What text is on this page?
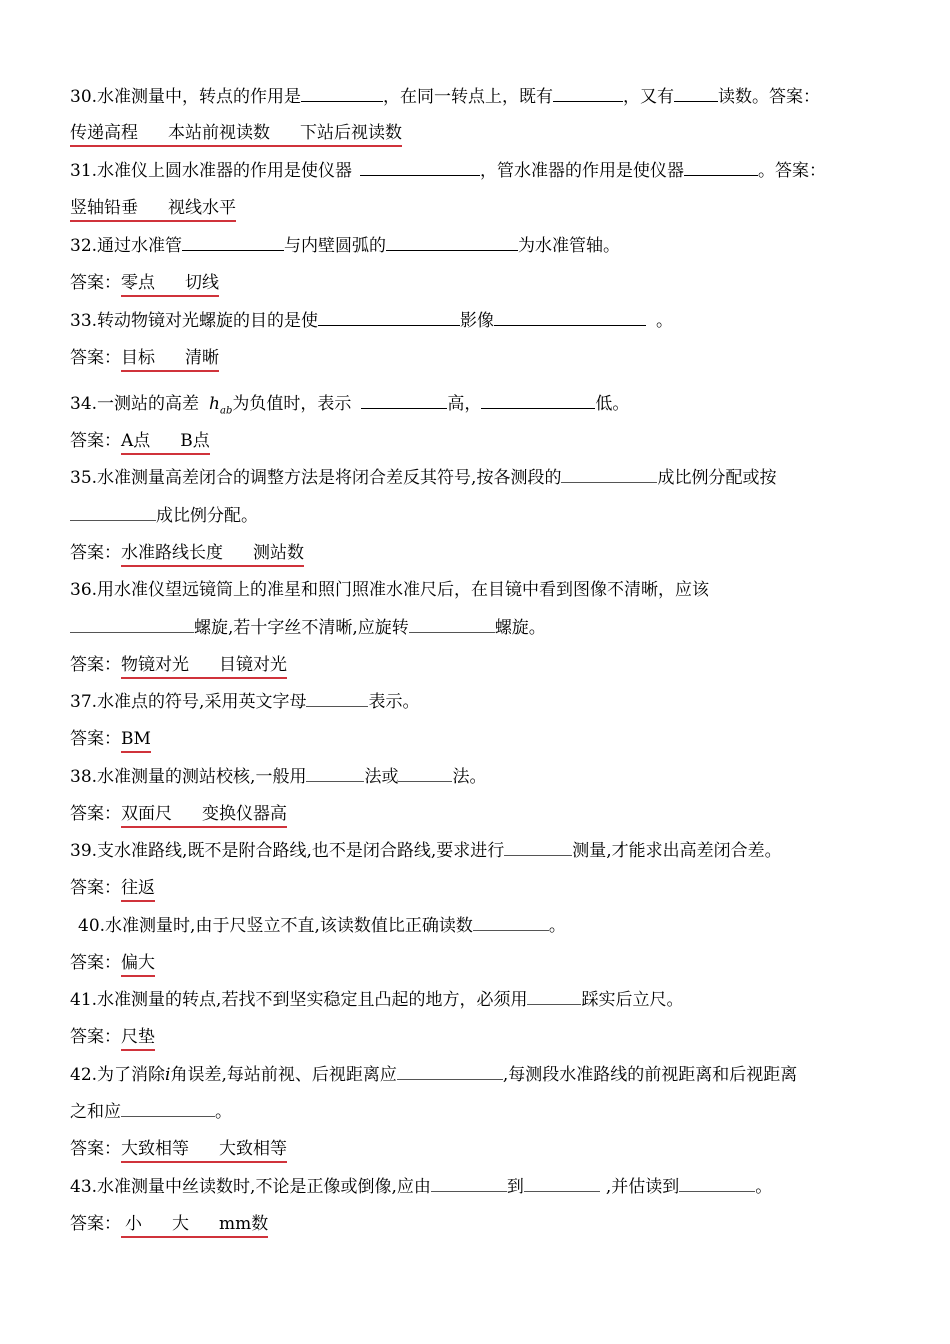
30.水准测量中，转点的作用是	，在同一转点上，既有	，又有	读数。答案：
传递高程 本站前视读数 下站后视读数
31.水准仪上圆水准器的作用是使仪器	，管水准器的作用是使仪器	。答案：
竖轴铅垂 视线水平
32.通过水准管	与内壁圆弧的	为水准管轴。
答案：零点 切线
33.转动物镜对光螺旋的目的是使	影像	。
答案：目标 清晰
34.一测站的高差 $h_{ab}$为负值时，表示	高，	低。
答案：A点 B点
35.水准测量高差闭合的调整方法是将闭合差反其符号,按各测段的	成比例分配或按
成比例分配。
答案：水准路线长度 测站数
36.用水准仪望远镜筒上的准星和照门照准水准尺后，在目镜中看到图像不清晰，应该
螺旋,若十字丝不清晰,应旋转	螺旋。
答案：物镜对光 目镜对光
37.水准点的符号,采用英文字母	表示。
答案：BM
38.水准测量的测站校核,一般用	法或	法。
答案：双面尺 变换仪器高
39.支水准路线,既不是附合路线,也不是闭合路线,要求进行	测量,才能求出高差闭合差。
答案：往返
40.水准测量时,由于尺竖立不直,该读数值比正确读数	。
答案：偏大
41.水准测量的转点,若找不到坚实稳定且凸起的地方，必须用	踩实后立尺。
答案：尺垫
42.为了消除i角误差,每站前视、后视距离应	,每测段水准路线的前视距离和后视距离
之和应	。
答案：大致相等 大致相等
43.水准测量中丝读数时,不论是正像或倒像,应由	到	,并估读到	。
答案： 小 大 mm数
